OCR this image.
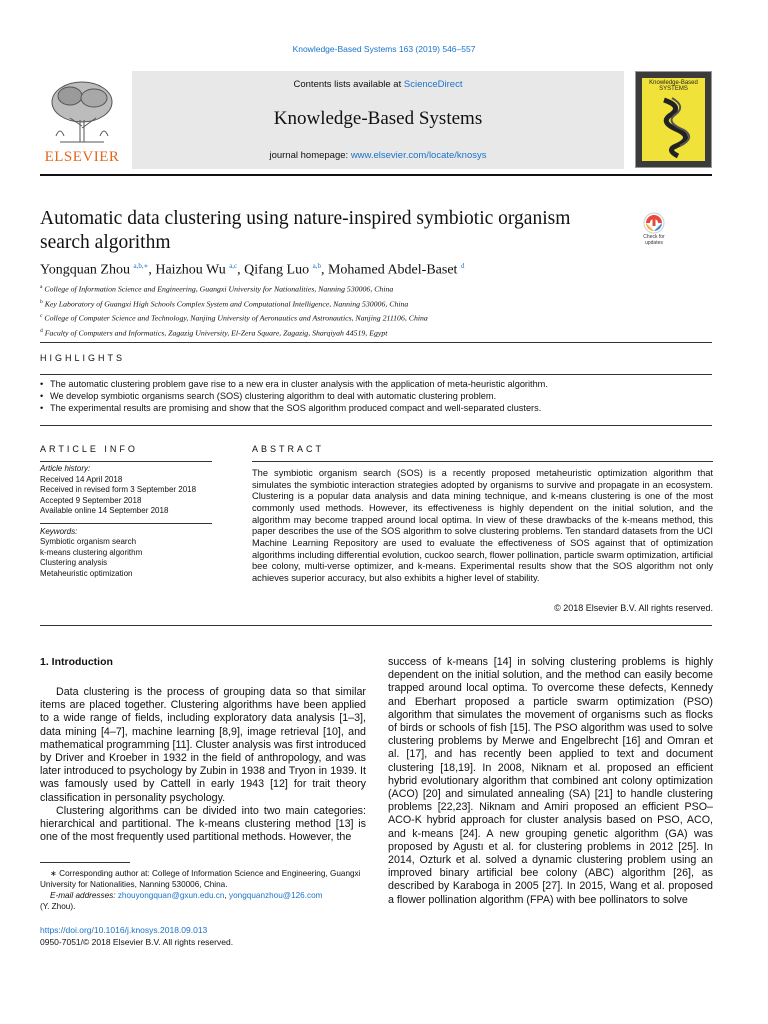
Knowledge-Based Systems 163 (2019) 546–557
Contents lists available at ScienceDirect
Knowledge-Based Systems
journal homepage: www.elsevier.com/locate/knosys
ELSEVIER
Knowledge-Based SYSTEMS
Automatic data clustering using nature-inspired symbiotic organism search algorithm	Check for
updates
Yongquan Zhou $^{a,b,∗}$, Haizhou Wu $^{a,c}$, Qifang Luo $^{a,b}$, Mohamed Abdel-Baset $^d$
$^a$ College of Information Science and Engineering, Guangxi University for Nationalities, Nanning 530006, China
$^b$ Key Laboratory of Guangxi High Schools Complex System and Computational Intelligence, Nanning 530006, China
$^c$ College of Computer Science and Technology, Nanjing University of Aeronautics and Astronautics, Nanjing 211106, China
$^d$ Faculty of Computers and Informatics, Zagazig University, El-Zera Square, Zagazig, Sharqiyah 44519, Egypt
HIGHLIGHTS
• The automatic clustering problem gave rise to a new era in cluster analysis with the application of meta-heuristic algorithm.
• We develop symbiotic organisms search (SOS) clustering algorithm to deal with automatic clustering problem.
• The experimental results are promising and show that the SOS algorithm produced compact and well-separated clusters.
ARTICLE INFO
Article history:
Received 14 April 2018
Received in revised form 3 September 2018
Accepted 9 September 2018
Available online 14 September 2018
Keywords:
Symbiotic organism search
k-means clustering algorithm
Clustering analysis
Metaheuristic optimization
ABSTRACT
The symbiotic organism search (SOS) is a recently proposed metaheuristic optimization algorithm that simulates the symbiotic interaction strategies adopted by organisms to survive and propagate in an ecosystem. Clustering is a popular data analysis and data mining technique, and k-means clustering is one of the most commonly used methods. However, its effectiveness is highly dependent on the initial solution, and the algorithm may become trapped around local optima. In view of these drawbacks of the k-means method, this paper describes the use of the SOS algorithm to solve clustering problems. Ten standard datasets from the UCI Machine Learning Repository are used to evaluate the effectiveness of SOS against that of optimization algorithms including differential evolution, cuckoo search, flower pollination, particle swarm optimization, artificial bee colony, multi-verse optimizer, and k-means. Experimental results show that the SOS algorithm not only achieves superior accuracy, but also exhibits a higher level of stability.
© 2018 Elsevier B.V. All rights reserved.
1. Introduction

Data clustering is the process of grouping data so that similar items are placed together. Clustering algorithms have been applied to a wide range of fields, including exploratory data analysis [1–3], data mining [4–7], machine learning [8,9], image retrieval [10], and mathematical programming [11]. Cluster analysis was first introduced by Driver and Kroeber in 1932 in the field of anthropology, and was later introduced to psychology by Zubin in 1938 and Tryon in 1939. It was famously used by Cattell in early 1943 [12] for trait theory classification in personality psychology.

Clustering algorithms can be divided into two main categories: hierarchical and partitional. The k-means clustering method [13] is one of the most frequently used partitional methods. However, the

success of k-means [14] in solving clustering problems is highly dependent on the initial solution, and the method can easily become trapped around local optima. To overcome these defects, Kennedy and Eberhart proposed a particle swarm optimization (PSO) algorithm that simulates the movement of organisms such as flocks of birds or schools of fish [15]. The PSO algorithm was used to solve clustering problems by Merwe and Engelbrecht [16] and Omran et al. [17], and has recently been applied to text and document clustering [18,19]. In 2008, Niknam et al. proposed an efficient hybrid evolutionary algorithm that combined ant colony optimization (ACO) [20] and simulated annealing (SA) [21] to handle clustering problems [22,23]. Niknam and Amiri proposed an efficient PSO–ACO-K hybrid approach for cluster analysis based on PSO, ACO, and k-means [24]. A new grouping genetic algorithm (GA) was proposed by Agustı et al. for clustering problems in 2012 [25]. In 2014, Ozturk et al. solved a dynamic clustering problem using an improved binary artificial bee colony (ABC) algorithm [26], as described by Karaboga in 2005 [27]. In 2015, Wang et al. proposed a flower pollination algorithm (FPA) with bee pollinators to solve

∗ Corresponding author at: College of Information Science and Engineering, Guangxi University for Nationalities, Nanning 530006, China.
E-mail addresses: zhouyongquan@gxun.edu.cn, yongquanzhou@126.com
(Y. Zhou).
https://doi.org/10.1016/j.knosys.2018.09.013
0950-7051/© 2018 Elsevier B.V. All rights reserved.
